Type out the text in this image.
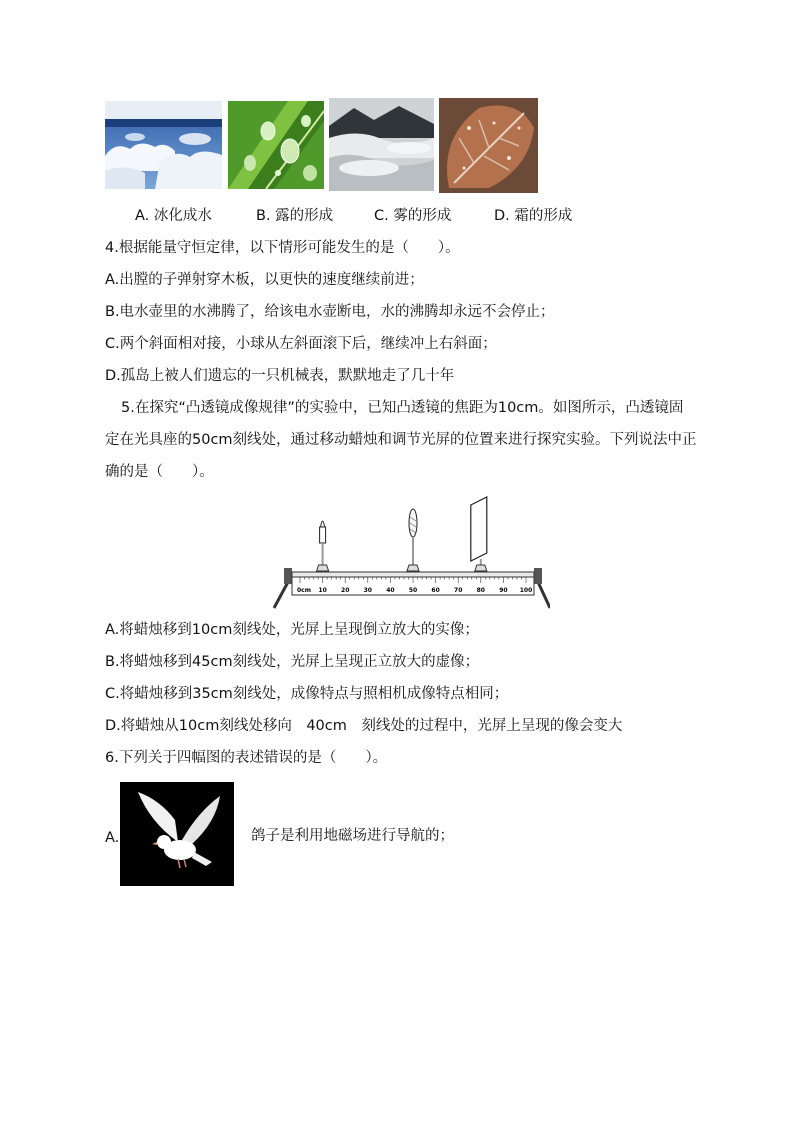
A. 冰化成水	B. 露的形成	C. 雾的形成	D. 霜的形成
4.根据能量守恒定律，以下情形可能发生的是（　　）。
A.出膛的子弹射穿木板，以更快的速度继续前进；
B.电水壶里的水沸腾了，给该电水壶断电，水的沸腾却永远不会停止；
C.两个斜面相对接，小球从左斜面滚下后，继续冲上右斜面；
D.孤岛上被人们遗忘的一只机械表，默默地走了几十年
5.在探究“凸透镜成像规律”的实验中，已知凸透镜的焦距为10cm。如图所示，凸透镜固
定在光具座的50cm刻线处，通过移动蜡烛和调节光屏的位置来进行探究实验。下列说法中正
确的是（　　）。
0cm 10 20 30 40 50 60 70 80 90 100
A.将蜡烛移到10cm刻线处，光屏上呈现倒立放大的实像；
B.将蜡烛移到45cm刻线处，光屏上呈现正立放大的虚像；
C.将蜡烛移到35cm刻线处，成像特点与照相机成像特点相同；
D.将蜡烛从10cm刻线处移向　40cm　刻线处的过程中，光屏上呈现的像会变大
6.下列关于四幅图的表述错误的是（　　）。
A.	鸽子是利用地磁场进行导航的；
